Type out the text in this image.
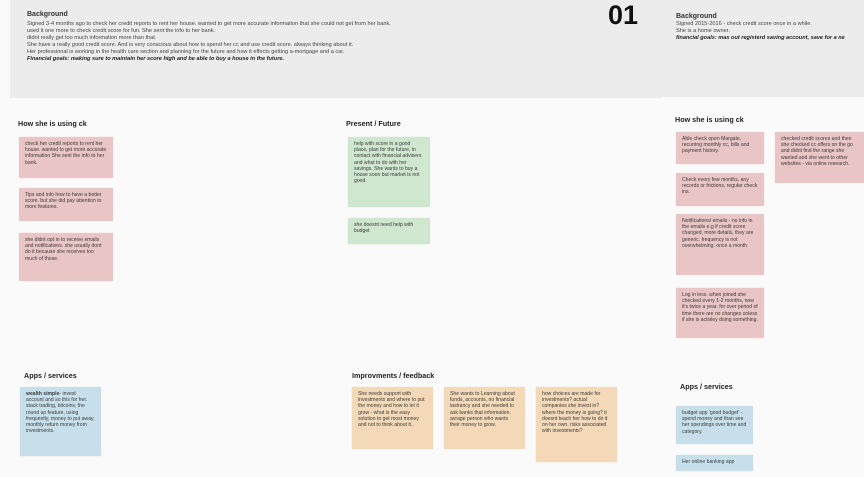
Background
Signed 3-4 months ago to check her credit reports to rent her house. wanted to get more accurate information that she could not get from her bank.
used it one more to check credit score for fun. She sent the info to her bank.
didnt really get too much information more than that.
She have a really good credit score. And is very conscious about how to spend her cc and use credit score. always thinking about it.
Her professional is working in the health care section and planning for the future and how it effects getting a-mortgage and a car.
Financial goals: making sure to maintain her score high and be able to buy a house in the future.
01	Background
Signed 2015-2016 - check credit score once in a while.
She is a home owner.
financial goals: max out registerd saving account, save for a ne
How she is using ck
check her credit reports to rent her house. wanted to get more accurate information She sent the info to her bank.
Tips and info how to have a better score. but she did pay attention to more features.
she didnt opt in to receive emails and notifications. she usually dont do it because she receives too much of those.
Present / Future
help with score in a good place, plan for the future, in contact with financial advisers and what to do with her savings. She wants to buy a house soon but market is not good.
she doesnt need help with budget
Apps / services
wealth simple- invest account and so this for her. stack trading, bitcoins, the round up feature, using frequently, money to put away, monthly return money from investments.
Improvments / feedback
She needs support with investments and where to put the money and how to let it grow - what is the easy solution to get most money and not to think about it..
She wants to Learning about funds, accounts, no financial lastrancy and she needed to ask banks that information. avrage person who wants their money to grow.
how choices are made for investments? actual companies she invest in? where the money is going? it doesnt teach her how to do it on her own. risks associated with investments?
How she is using ck
Able check open Margate, recurring monthly cc, bills and payment history.
Check every few months, any records or frictions, regular check ins.
Notifications/ emails - no info in the emails e.g if credit score changed, more details, they are generic. frequency is not overwhelming. once a month
Log in less. when joined she checked every 1-2 months, now it's twice a year. for over period of time there are no changes unless if she is activley doing something.
checked credit scores and then she checked cc offers on the go and didnt find the range she wanted and she went to other websites - via online research.
Apps / services
budget app 'good budget' - spend money and than see her spendings over time and category.
Her online banking app
